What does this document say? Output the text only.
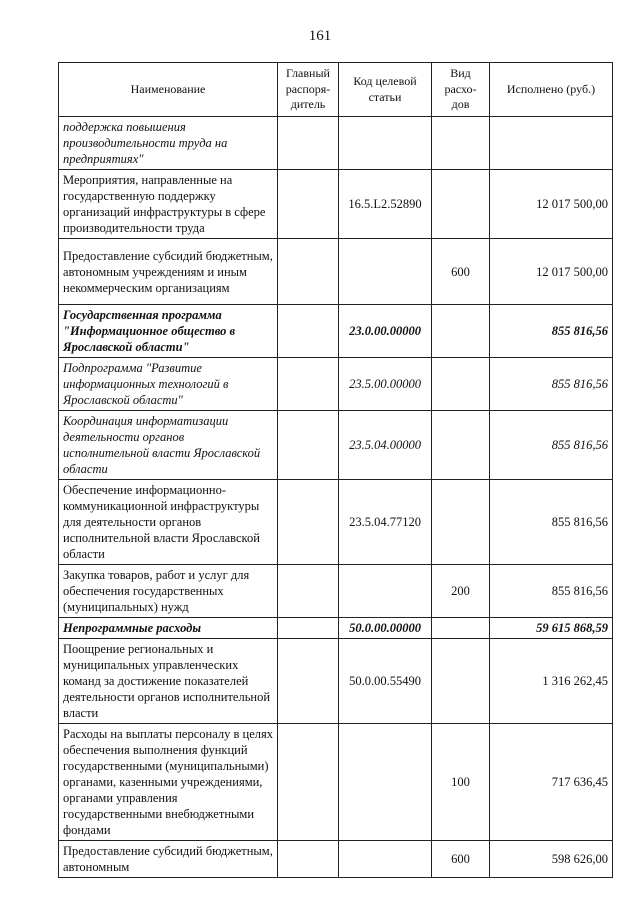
161
Наименование	Главный распоря-дитель	Код целевой статьи	Вид расхо-дов	Исполнено (руб.)
поддержка повышения производительности труда на предприятиях"				
Мероприятия, направленные на государственную поддержку организаций инфраструктуры в сфере производительности труда		16.5.L2.52890		12 017 500,00
Предоставление субсидий бюджетным, автономным учреждениям и иным некоммерческим организациям			600	12 017 500,00
Государственная программа "Информационное общество в Ярославской области"		23.0.00.00000		855 816,56
Подпрограмма "Развитие информационных технологий в Ярославской области"		23.5.00.00000		855 816,56
Координация информатизации деятельности органов исполнительной власти Ярославской области		23.5.04.00000		855 816,56
Обеспечение информационно-коммуникационной инфраструктуры для деятельности органов исполнительной власти Ярославской области		23.5.04.77120		855 816,56
Закупка товаров, работ и услуг для обеспечения государственных (муниципальных) нужд			200	855 816,56
Непрограммные расходы		50.0.00.00000		59 615 868,59
Поощрение региональных и муниципальных управленческих команд за достижение показателей деятельности органов исполнительной власти		50.0.00.55490		1 316 262,45
Расходы на выплаты персоналу в целях обеспечения выполнения функций государственными (муниципальными) органами, казенными учреждениями, органами управления государственными внебюджетными фондами			100	717 636,45
Предоставление субсидий бюджетным, автономным			600	598 626,00
